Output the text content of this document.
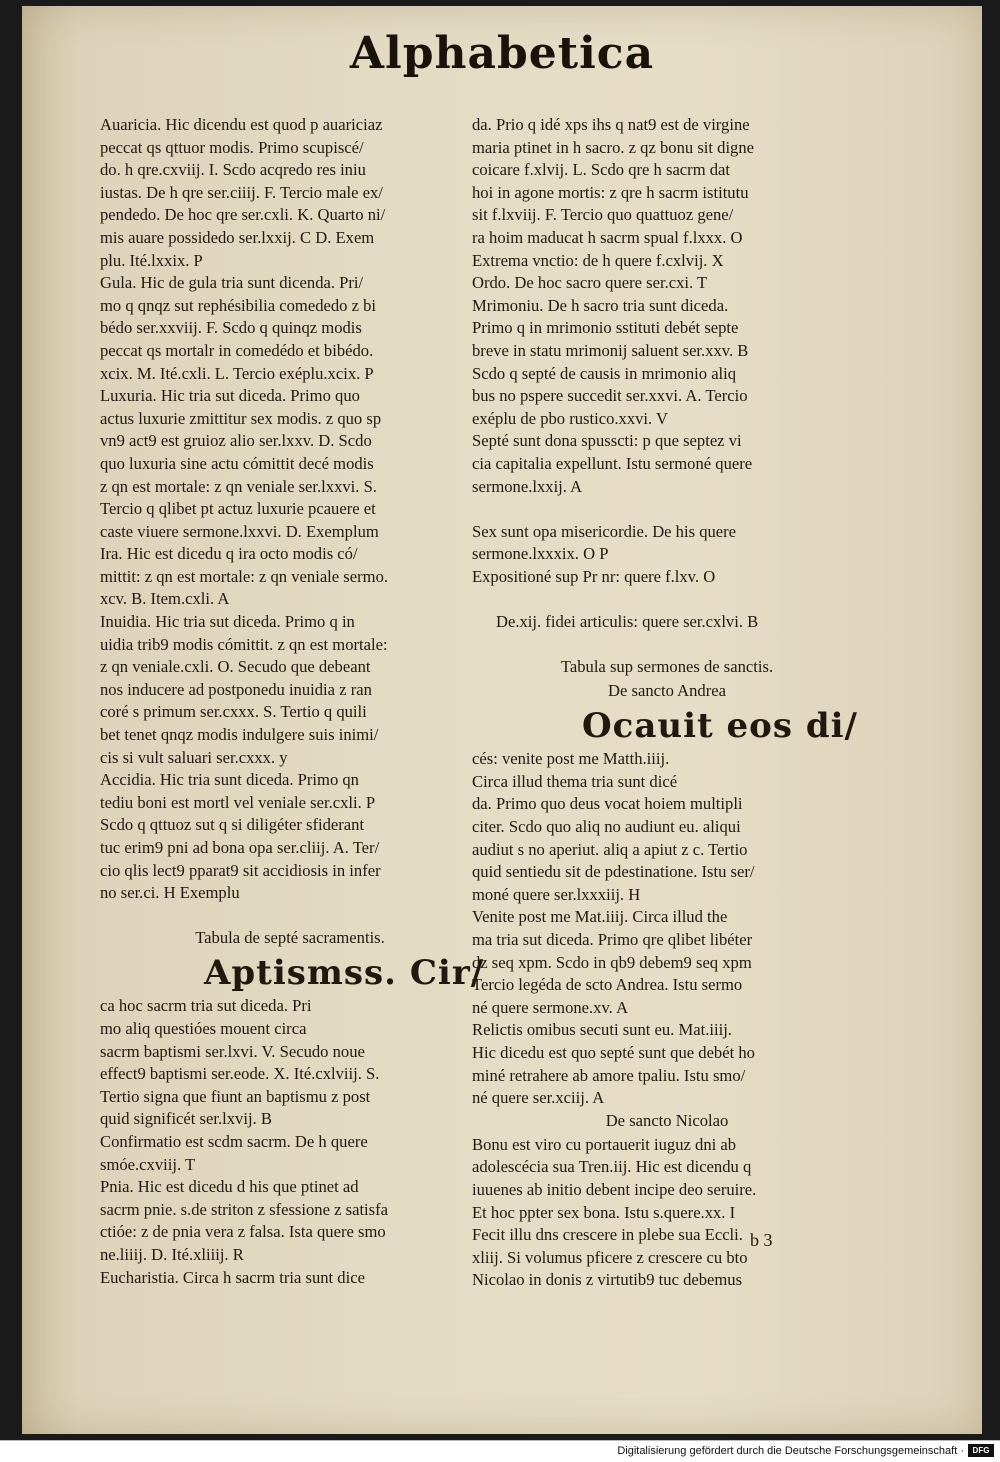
Alphabetica
Auaricia. Hic dicendu est quod p auariciaz
peccat qs qttuor modis. Primo scupiscé/
do. h qre.cxviij. I. Scdo acqredo res iniu
iustas. De h qre ser.ciiij. F. Tercio male ex/
pendedo. De hoc qre ser.cxli. K. Quarto ni/
mis auare possidedo ser.lxxij. C D. Exem
plu. Ité.lxxix. P
Gula. Hic de gula tria sunt dicenda. Pri/
mo q qnqz sut rephésibilia comededo z bi
bédo ser.xxviij. F. Scdo q quinqz modis
peccat qs mortalr in comedédo et bibédo.
xcix. M. Ité.cxli. L. Tercio exéplu.xcix. P
Luxuria. Hic tria sut diceda. Primo quo
actus luxurie zmittitur sex modis. z quo sp
vn9 act9 est gruioz alio ser.lxxv. D. Scdo
quo luxuria sine actu cómittit decé modis
z qn est mortale: z qn veniale ser.lxxvi. S.
Tercio q qlibet pt actuz luxurie pcauere et
caste viuere sermone.lxxvi. D. Exemplum
Ira. Hic est dicedu q ira octo modis có/
mittit: z qn est mortale: z qn veniale sermo.
xcv. B. Item.cxli. A
Inuidia. Hic tria sut diceda. Primo q in
uidia trib9 modis cómittit. z qn est mortale:
z qn veniale.cxli. O. Secudo que debeant
nos inducere ad postponedu inuidia z ran
coré s primum ser.cxxx. S. Tertio q quili
bet tenet qnqz modis indulgere suis inimi/
cis si vult saluari ser.cxxx. y
Accidia. Hic tria sunt diceda. Primo qn
tediu boni est mortl vel veniale ser.cxli. P
Scdo q qttuoz sut q si diligéter sfiderant
tuc erim9 pni ad bona opa ser.cliij. A. Ter/
cio qlis lect9 pparat9 sit accidiosis in infer
no ser.ci. H Exemplu
Tabula de septé sacramentis.
Aptismss. Cir/
ca hoc sacrm tria sut diceda. Pri
mo aliq questióes mouent circa
sacrm baptismi ser.lxvi. V. Secudo noue
effect9 baptismi ser.eode. X. Ité.cxlviij. S.
Tertio signa que fiunt an baptismu z post
quid significét ser.lxvij. B
Confirmatio est scdm sacrm. De h quere
smóe.cxviij. T
Pnia. Hic est dicedu d his que ptinet ad
sacrm pnie. s.de striton z sfessione z satisfa
ctióe: z de pnia vera z falsa. Ista quere smo
ne.liiij. D. Ité.xliiij. R
Eucharistia. Circa h sacrm tria sunt dice
da. Prio q idé xps ihs q nat9 est de virgine
maria ptinet in h sacro. z qz bonu sit digne
coicare f.xlvij. L. Scdo qre h sacrm dat
hoi in agone mortis: z qre h sacrm istitutu
sit f.lxviij. F. Tercio quo quattuoz gene/
ra hoim maducat h sacrm spual f.lxxx. O
Extrema vnctio: de h quere f.cxlvij. X
Ordo. De hoc sacro quere ser.cxi. T
Mrimoniu. De h sacro tria sunt diceda.
Primo q in mrimonio sstituti debét septe
breve in statu mrimonij saluent ser.xxv. B
Scdo q septé de causis in mrimonio aliq
bus no pspere succedit ser.xxvi. A. Tercio
exéplu de pbo rustico.xxvi. V
Septé sunt dona spusscti: p que septez vi
cia capitalia expellunt. Istu sermoné quere
sermone.lxxij. A
Sex sunt opa misericordie. De his quere
sermone.lxxxix. O P
Expositioné sup Pr nr: quere f.lxv. O
De.xij. fidei articulis: quere ser.cxlvi. B
Tabula sup sermones de sanctis.
De sancto Andrea
Ocauit eos di/
cés: venite post me Matth.iiij.
Circa illud thema tria sunt dicé
da. Primo quo deus vocat hoiem multipli
citer. Scdo quo aliq no audiunt eu. aliqui
audiut s no aperiut. aliq a apiut z c. Tertio
quid sentiedu sit de pdestinatione. Istu ser/
moné quere ser.lxxxiij. H
Venite post me Mat.iiij. Circa illud the
ma tria sut diceda. Primo qre qlibet libéter
dz seq xpm. Scdo in qb9 debem9 seq xpm
Tercio legéda de scto Andrea. Istu sermo
né quere sermone.xv. A
Relictis omibus secuti sunt eu. Mat.iiij.
Hic dicedu est quo septé sunt que debét ho
miné retrahere ab amore tpaliu. Istu smo/
né quere ser.xciij. A
De sancto Nicolao
Bonu est viro cu portauerit iuguz dni ab
adolescécia sua Tren.iij. Hic est dicendu q
iuuenes ab initio debent incipe deo seruire.
Et hoc ppter sex bona. Istu s.quere.xx. I
Fecit illu dns crescere in plebe sua Eccli.
xliij. Si volumus pficere z crescere cu bto
Nicolao in donis z virtutib9 tuc debemus
b 3
Digitalisierung gefördert durch die Deutsche Forschungsgemeinschaft ·	DFG
